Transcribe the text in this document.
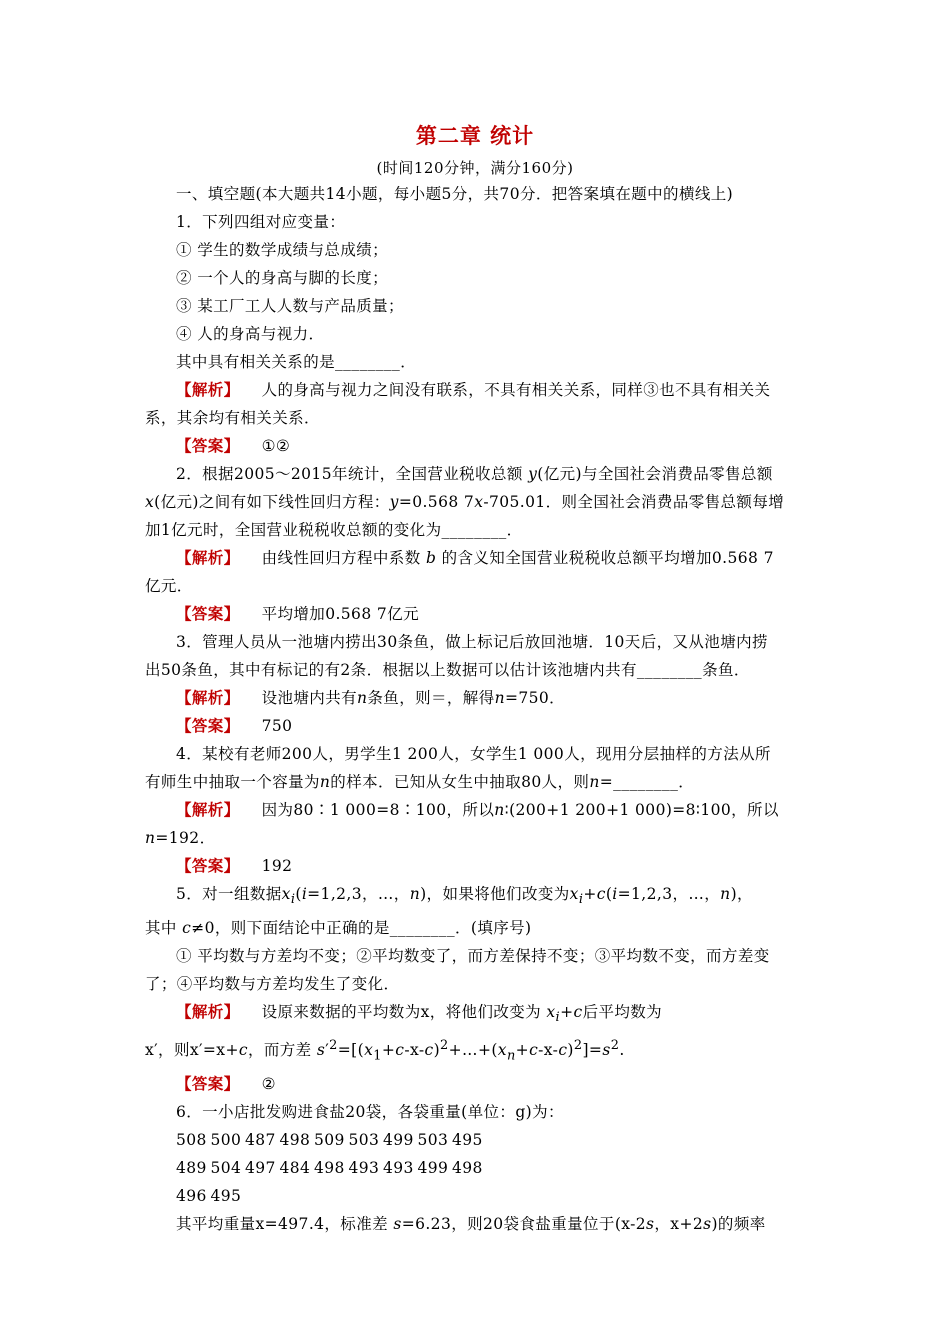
第二章 统计
(时间120分钟，满分160分)

一、填空题(本大题共14小题，每小题5分，共70分．把答案填在题中的横线上)

1．下列四组对应变量：

① 学生的数学成绩与总成绩；

② 一个人的身高与脚的长度；

③ 某工厂工人人数与产品质量；

④ 人的身高与视力．

其中具有相关关系的是________．

【解析】 人的身高与视力之间没有联系，不具有相关关系，同样③也不具有相关关

系，其余均有相关关系．

【答案】 ①②

2．根据2005～2015年统计，全国营业税收总额 y(亿元)与全国社会消费品零售总额

x(亿元)之间有如下线性回归方程：y=0.568 7x-705.01．则全国社会消费品零售总额每增

加1亿元时，全国营业税税收总额的变化为________．

【解析】 由线性回归方程中系数 b 的含义知全国营业税税收总额平均增加0.568 7

亿元．

【答案】 平均增加0.568 7亿元

3．管理人员从一池塘内捞出30条鱼，做上标记后放回池塘．10天后，又从池塘内捞

出50条鱼，其中有标记的有2条．根据以上数据可以估计该池塘内共有________条鱼．

【解析】 设池塘内共有n条鱼，则＝，解得n=750．

【答案】 750

4．某校有老师200人，男学生1 200人，女学生1 000人，现用分层抽样的方法从所

有师生中抽取一个容量为n的样本．已知从女生中抽取80人，则n=________．

【解析】 因为80∶1 000=8∶100，所以n∶(200+1 200+1 000)=8∶100，所以

n=192．

【答案】 192

5．对一组数据$x_i(i=1,2,3$，…，n)，如果将他们改变为$x_i+c(i=1,2,3$，…，n)，

其中 c≠0，则下面结论中正确的是________．(填序号)

① 平均数与方差均不变；②平均数变了，而方差保持不变；③平均数不变，而方差变

了；④平均数与方差均发生了变化．

【解析】 设原来数据的平均数为x，将他们改变为 $x_i+c$后平均数为

x′，则x′=x+c，而方差 $s'^2=[(x_1+c-x-c)^2+\dots+(x_n+c-x-c)^2]=s^2$.

【答案】 ②

6．一小店批发购进食盐20袋，各袋重量(单位：g)为：

508 500 487 498 509 503 499 503 495

489 504 497 484 498 493 493 499 498

496 495

其平均重量x=497.4，标准差 s=6.23，则20袋食盐重量位于(x-2s，x+2s)的频率
